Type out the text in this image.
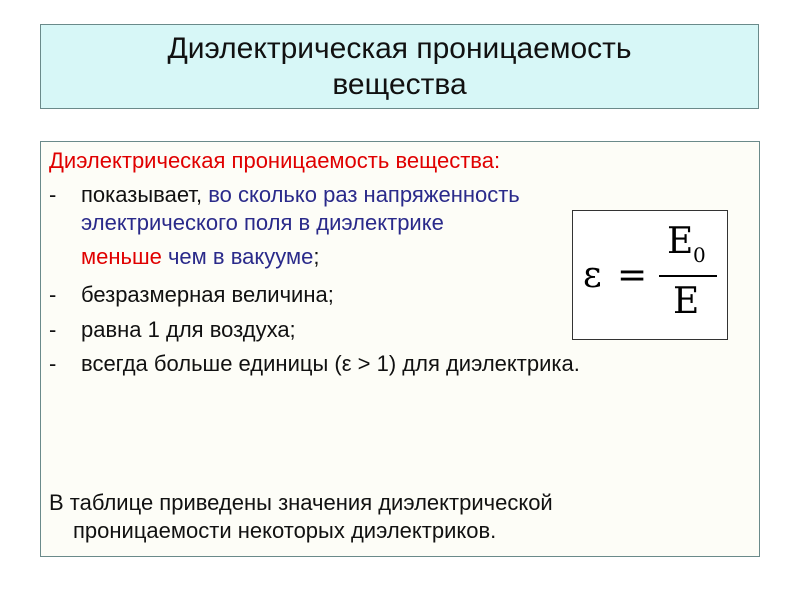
Диэлектрическая проницаемость
вещества
Диэлектрическая проницаемость вещества:
- показывает, во сколько раз напряженность
электрического поля в диэлектрике
меньше чем в вакууме;
- безразмерная величина;
- равна 1 для воздуха;
- всегда больше единицы (ε > 1) для диэлектрика.
В таблице приведены значения диэлектрической
проницаемости некоторых диэлектриков.
ε =
E 0
E
